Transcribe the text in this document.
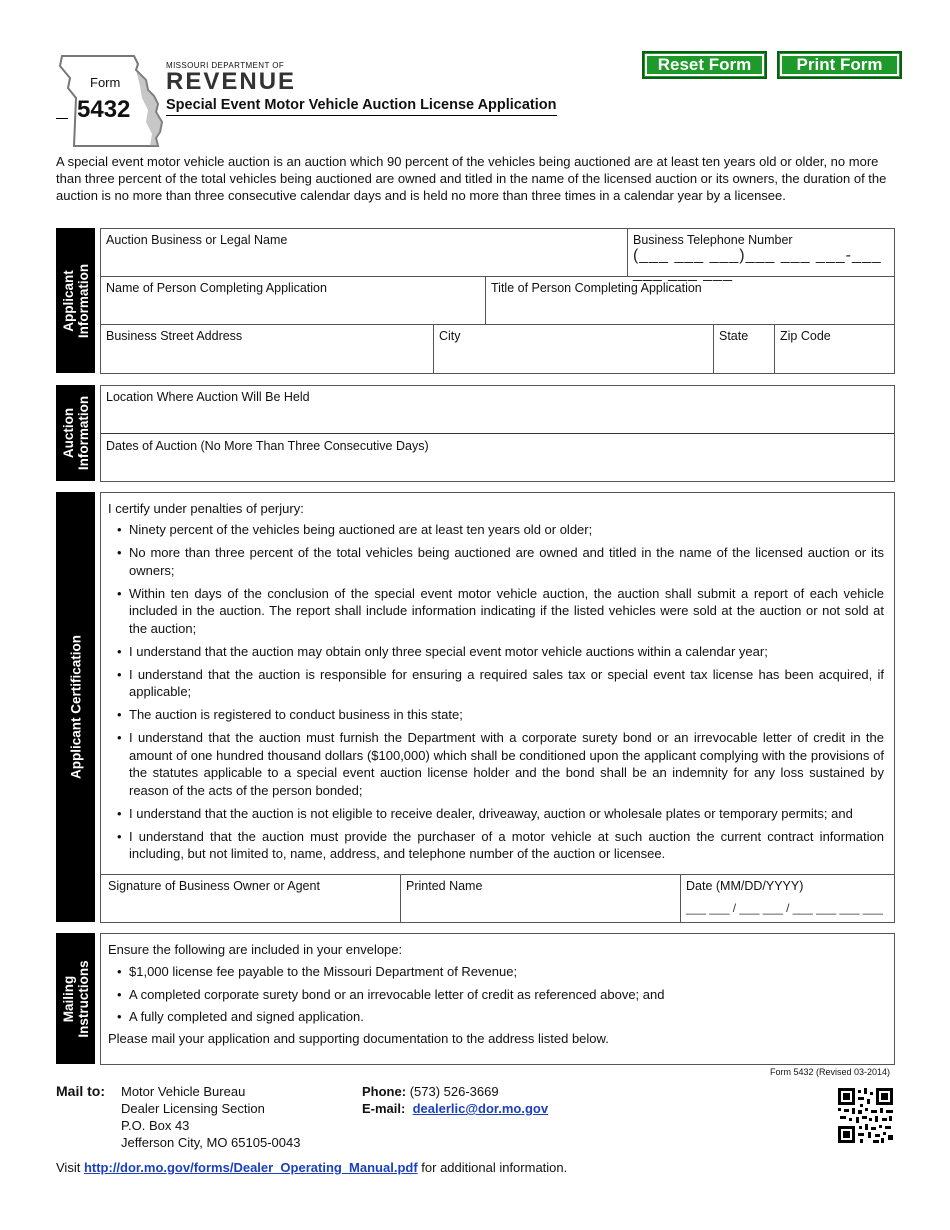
Form
5432
MISSOURI DEPARTMENT OF
REVENUE
Special Event Motor Vehicle Auction License Application
Reset Form	Print Form
A special event motor vehicle auction is an auction which 90 percent of the vehicles being auctioned are at least ten years old or older, no more than three percent of the total vehicles being auctioned are owned and titled in the name of the licensed auction or its owners, the duration of the auction is no more than three consecutive calendar days and is held no more than three times in a calendar year by a licensee.
Applicant
Information
Auction Business or Legal Name	Business Telephone Number
(___ ___ ___)___ ___ ___-___ ___ ___ ___
Name of Person Completing Application	Title of Person Completing Application
Business Street Address	City	State	Zip Code
Auction
Information	Location Where Auction Will Be Held
Dates of Auction (No More Than Three Consecutive Days)
Applicant Certification
I certify under penalties of perjury:
• Ninety percent of the vehicles being auctioned are at least ten years old or older;
• No more than three percent of the total vehicles being auctioned are owned and titled in the name of the licensed auction or its owners;
• Within ten days of the conclusion of the special event motor vehicle auction, the auction shall submit a report of each vehicle included in the auction. The report shall include information indicating if the listed vehicles were sold at the auction or not sold at the auction;
• I understand that the auction may obtain only three special event motor vehicle auctions within a calendar year;
• I understand that the auction is responsible for ensuring a required sales tax or special event tax license has been acquired, if applicable;
• The auction is registered to conduct business in this state;
• I understand that the auction must furnish the Department with a corporate surety bond or an irrevocable letter of credit in the amount of one hundred thousand dollars ($100,000) which shall be conditioned upon the applicant complying with the provisions of the statutes applicable to a special event auction license holder and the bond shall be an indemnity for any loss sustained by reason of the acts of the person bonded;
• I understand that the auction is not eligible to receive dealer, driveaway, auction or wholesale plates or temporary permits; and
• I understand that the auction must provide the purchaser of a motor vehicle at such auction the current contract information including, but not limited to, name, address, and telephone number of the auction or licensee.
Signature of Business Owner or Agent	Printed Name	Date (MM/DD/YYYY)
___ ___ / ___ ___ / ___ ___ ___ ___
Mailing
Instructions
Ensure the following are included in your envelope:
• $1,000 license fee payable to the Missouri Department of Revenue;
• A completed corporate surety bond or an irrevocable letter of credit as referenced above; and
• A fully completed and signed application.
Please mail your application and supporting documentation to the address listed below.
Form 5432 (Revised 03-2014)
Mail to: Motor Vehicle Bureau
Dealer Licensing Section
P.O. Box 43
Jefferson City, MO 65105-0043
Phone: (573) 526-3669
E-mail: dealerlic@dor.mo.gov
Visit http://dor.mo.gov/forms/Dealer_Operating_Manual.pdf for additional information.
